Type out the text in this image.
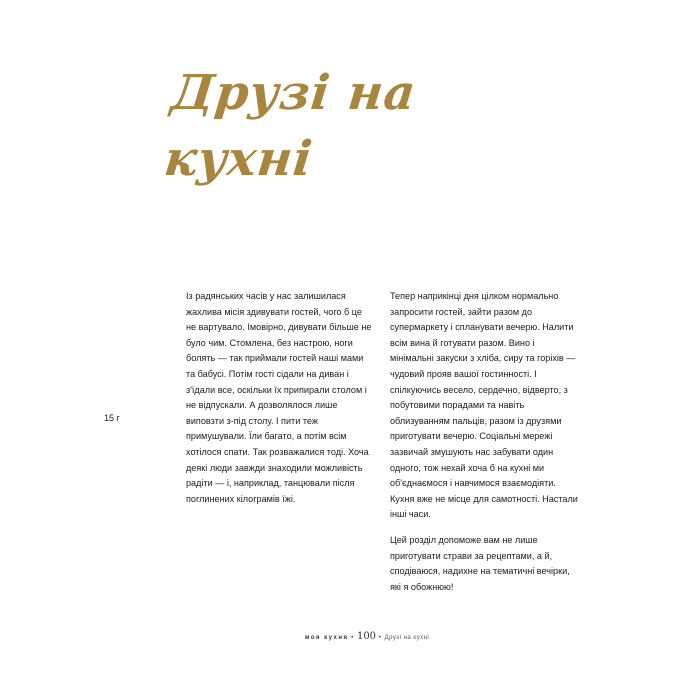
Друзі на
кухні
15 г

Із радянських часів у нас залишилася жахлива місія здивувати гостей, чого б це не вартувало. Імовірно, дивувати більше не було чим. Стомлена, без настрою, ноги болять — так приймали гостей наші мами та бабусі. Потім гості сідали на диван і з'їдали все, оскільки їх припирали столом і не відпускали. А дозволялося лише виповзти з-під столу. І пити теж примушували. Їли багато, а потім всім хотілося спати. Так розважалися тоді. Хоча деякі люди завжди знаходили можливість радіти — і, наприклад, танцювали після поглинених кілограмів їжі.

Тепер наприкінці дня цілком нормально запросити гостей, зайти разом до супермаркету і спланувати вечерю. Налити всім вина й готувати разом. Вино і мінімальні закуски з хліба, сиру та горіхів — чудовий прояв вашої гостинності. І спілкуючись весело, сердечно, відверто, з побутовими порадами та навіть облизуванням пальців, разом із друзями приготувати вечерю. Соціальні мережі зазвичай змушують нас забувати один одного, тож нехай хоча б на кухні ми об'єднаємося і навчимося взаємодіяти. Кухня вже не місце для самотності. Настали інші часи.

Цей розділ допоможе вам не лише приготувати страви за рецептами, а й, сподіваюся, надихне на тематичні вечірки, які я обожнюю!

моя кухня • 100 • Друзі на кухні
